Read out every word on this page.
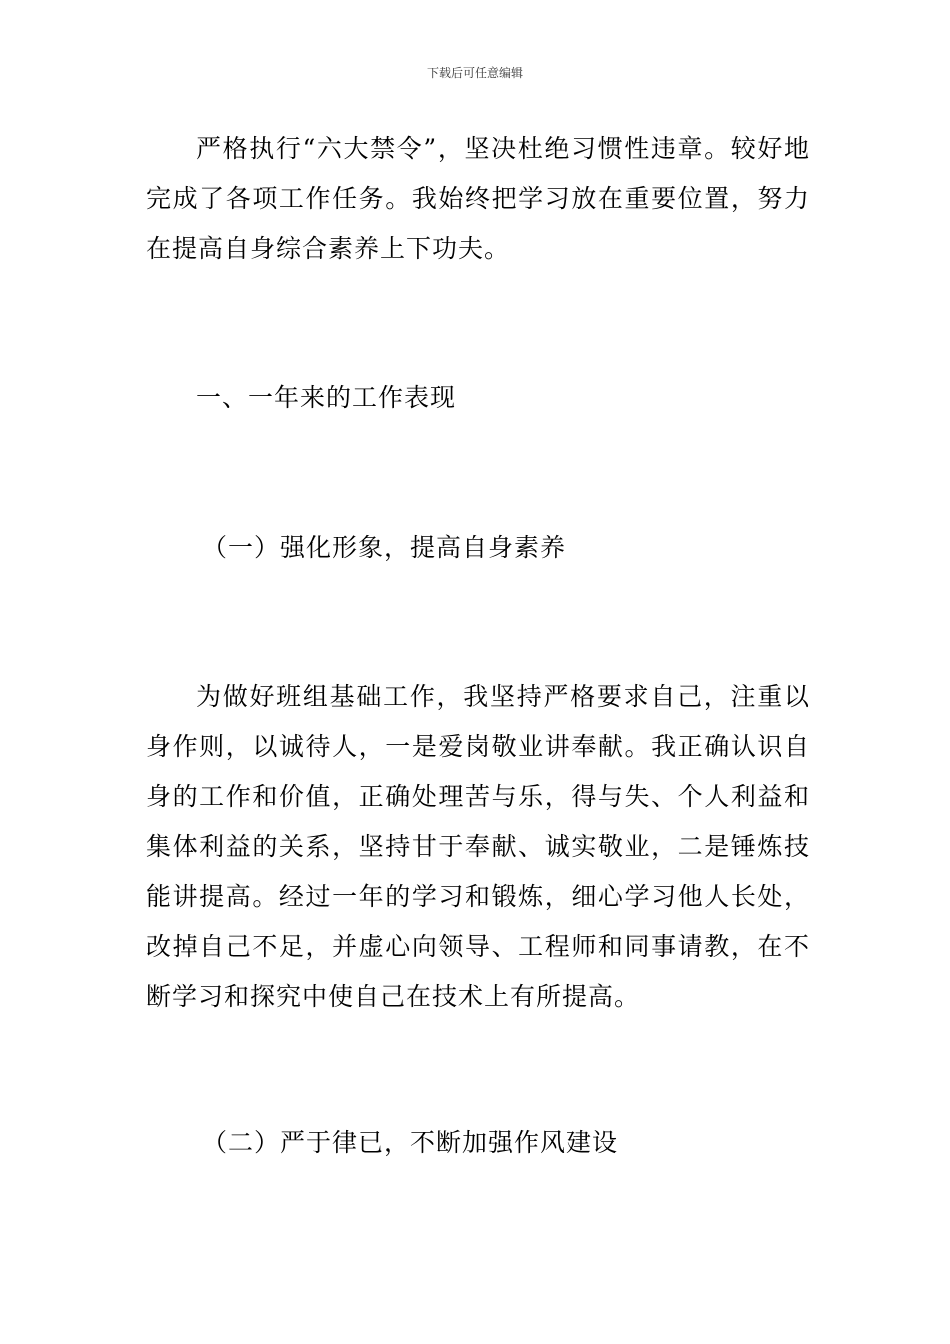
下载后可任意编辑
严格执行“六大禁令”，坚决杜绝习惯性违章。较好地完成了各项工作任务。我始终把学习放在重要位置，努力在提高自身综合素养上下功夫。
一、一年来的工作表现
（一）强化形象，提高自身素养
为做好班组基础工作，我坚持严格要求自己，注重以身作则，以诚待人，一是爱岗敬业讲奉献。我正确认识自身的工作和价值，正确处理苦与乐，得与失、个人利益和集体利益的关系，坚持甘于奉献、诚实敬业，二是锤炼技能讲提高。经过一年的学习和锻炼，细心学习他人长处，改掉自己不足，并虚心向领导、工程师和同事请教，在不断学习和探究中使自己在技术上有所提高。
（二）严于律已，不断加强作风建设
